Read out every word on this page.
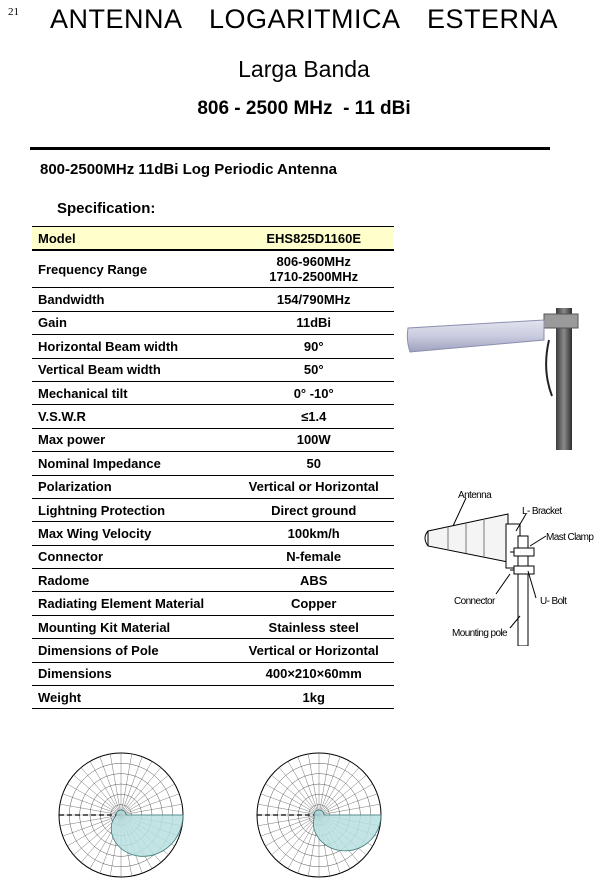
21	ANTENNA  LOGARITMICA  ESTERNA
Larga Banda
806 - 2500 MHz  - 11 dBi
800-2500MHz 11dBi Log Periodic Antenna
Specification:
Model	EHS825D1160E
Frequency Range	806-960MHz
1710-2500MHz

Bandwidth	154/790MHz
Gain	11dBi
Horizontal Beam width	90°
Vertical Beam width	50°
Mechanical tilt	0° -10°
V.S.W.R	≤1.4
Max power	100W
Nominal Impedance	50
Polarization	Vertical or Horizontal
Lightning Protection	Direct ground
Max Wing Velocity	100km/h
Connector	N-female
Radome	ABS
Radiating Element Material	Copper
Mounting Kit Material	Stainless steel
Dimensions of Pole	Vertical or Horizontal
Dimensions	400×210×60mm
Weight	1kg
Antenna
L- Bracket
Mast Clamp
Connector	U- Bolt
Mounting pole
